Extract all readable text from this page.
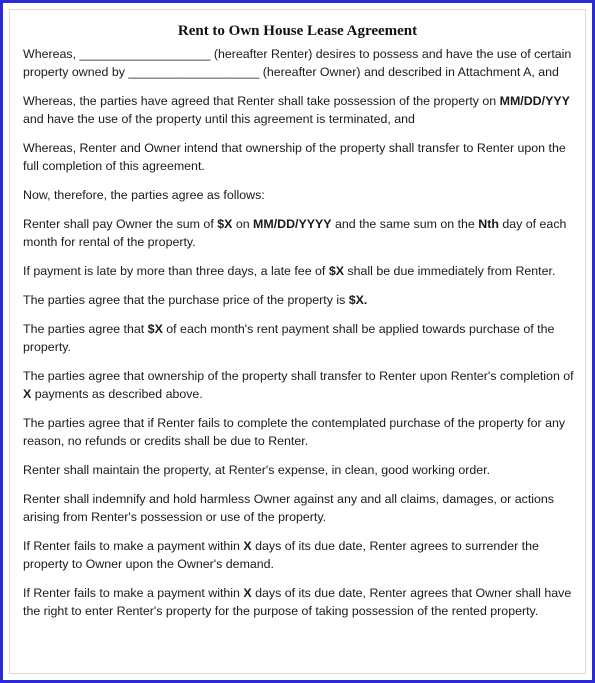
Rent to Own House Lease Agreement

Whereas, ___________________ (hereafter Renter) desires to possess and have the use of certain property owned by ___________________ (hereafter Owner) and described in Attachment A, and

Whereas, the parties have agreed that Renter shall take possession of the property on MM/DD/YYY and have the use of the property until this agreement is terminated, and

Whereas, Renter and Owner intend that ownership of the property shall transfer to Renter upon the full completion of this agreement.

Now, therefore, the parties agree as follows:

Renter shall pay Owner the sum of $X on MM/DD/YYYY and the same sum on the Nth day of each month for rental of the property.

If payment is late by more than three days, a late fee of $X shall be due immediately from Renter.

The parties agree that the purchase price of the property is $X.

The parties agree that $X of each month's rent payment shall be applied towards purchase of the property.

The parties agree that ownership of the property shall transfer to Renter upon Renter's completion of X payments as described above.

The parties agree that if Renter fails to complete the contemplated purchase of the property for any reason, no refunds or credits shall be due to Renter.

Renter shall maintain the property, at Renter's expense, in clean, good working order.

Renter shall indemnify and hold harmless Owner against any and all claims, damages, or actions arising from Renter's possession or use of the property.

If Renter fails to make a payment within X days of its due date, Renter agrees to surrender the property to Owner upon the Owner's demand.

If Renter fails to make a payment within X days of its due date, Renter agrees that Owner shall have the right to enter Renter's property for the purpose of taking possession of the rented property.
